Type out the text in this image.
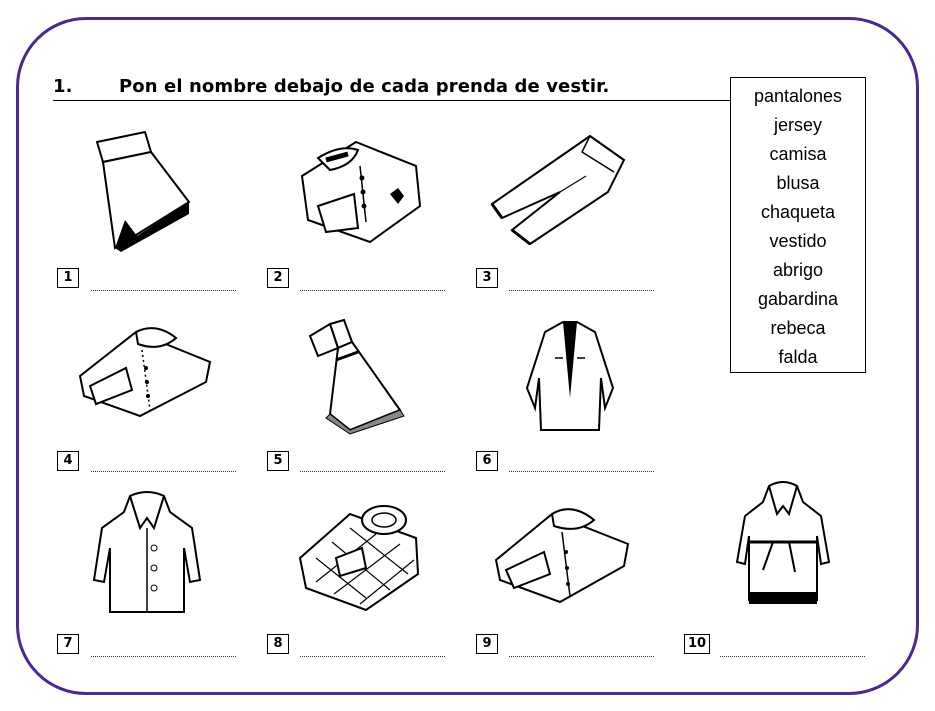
1.	Pon el nombre debajo de cada prenda de vestir.	pantalones
jersey
camisa
blusa
chaqueta
vestido
abrigo
gabardina
rebeca
falda
1	2	3
4	5	6
7	8	9	10
